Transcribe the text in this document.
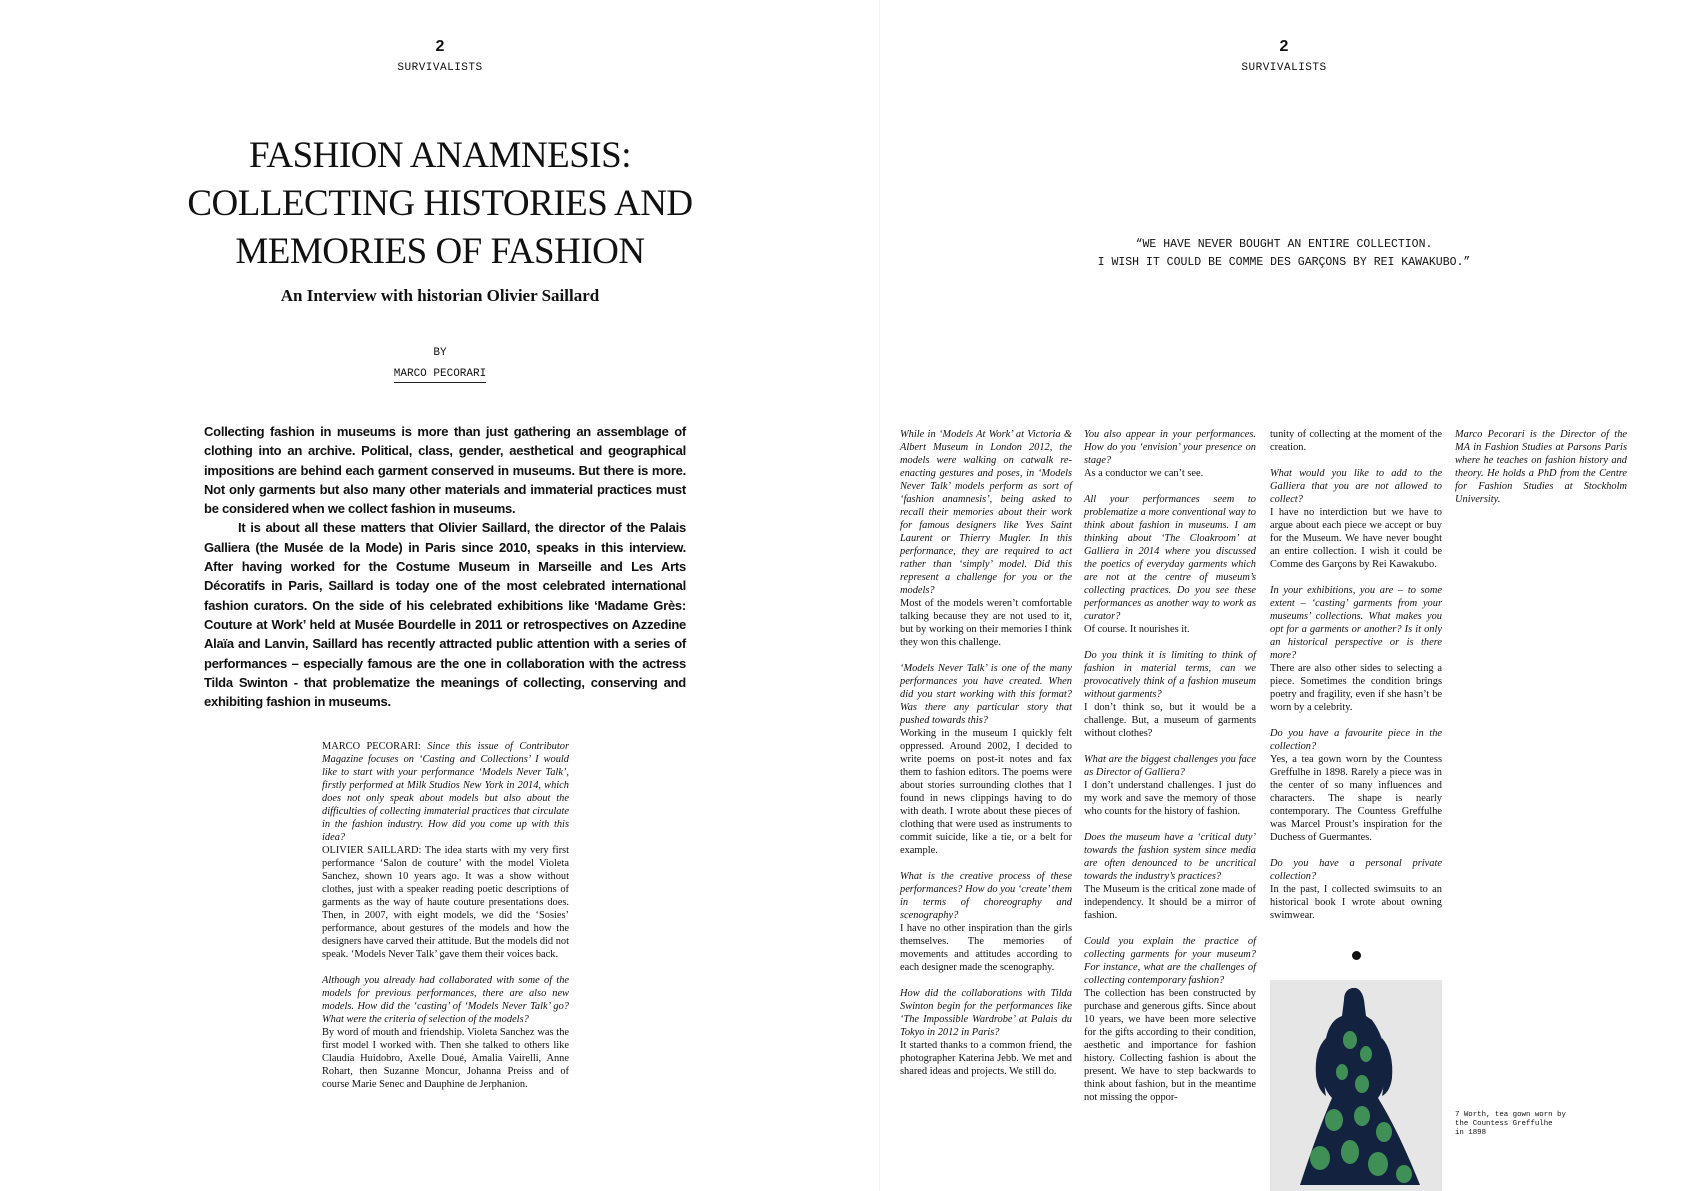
2
SURVIVALISTS
FASHION ANAMNESIS:
COLLECTING HISTORIES AND
MEMORIES OF FASHION
An Interview with historian Olivier Saillard
BY
MARCO PECORARI

Collecting fashion in museums is more than just gathering an assemblage of clothing into an archive. Political, class, gender, aesthetical and geographical impositions are behind each garment conserved in museums. But there is more. Not only garments but also many other materials and immaterial practices must be considered when we collect fashion in museums.

It is about all these matters that Olivier Saillard, the director of the Palais Galliera (the Musée de la Mode) in Paris since 2010, speaks in this interview. After having worked for the Costume Museum in Marseille and Les Arts Décoratifs in Paris, Saillard is today one of the most celebrated international fashion curators. On the side of his celebrated exhibitions like ‘Madame Grès: Couture at Work’ held at Musée Bourdelle in 2011 or retrospectives on Azzedine Alaïa and Lanvin, Saillard has recently attracted public attention with a series of performances – especially famous are the one in collaboration with the actress Tilda Swinton - that problematize the meanings of collecting, conserving and exhibiting fashion in museums.

MARCO PECORARI: Since this issue of Contributor Magazine focuses on ‘Casting and Collections’ I would like to start with your performance ‘Models Never Talk’, firstly performed at Milk Studios New York in 2014, which does not only speak about models but also about the difficulties of collecting immaterial practices that circulate in the fashion industry. How did you come up with this idea?
OLIVIER SAILLARD: The idea starts with my very first performance ‘Salon de couture’ with the model Violeta Sanchez, shown 10 years ago. It was a show without clothes, just with a speaker reading poetic descriptions of garments as the way of haute couture presentations does. Then, in 2007, with eight models, we did the ‘Sosies’ performance, about gestures of the models and how the designers have carved their attitude. But the models did not speak. ‘Models Never Talk’ gave them their voices back.
Although you already had collaborated with some of the models for previous performances, there are also new models. How did the ‘casting’ of ‘Models Never Talk’ go? What were the criteria of selection of the models?
By word of mouth and friendship. Violeta Sanchez was the first model I worked with. Then she talked to others like Claudia Huidobro, Axelle Doué, Amalia Vairelli, Anne Rohart, then Suzanne Moncur, Johanna Preiss and of course Marie Senec and Dauphine de Jerphanion.
2
SURVIVALISTS
“WE HAVE NEVER BOUGHT AN ENTIRE COLLECTION.
I WISH IT COULD BE COMME DES GARÇONS BY REI KAWAKUBO.”
While in ‘Models At Work’ at Victoria & Albert Museum in London 2012, the models were walking on catwalk re-enacting gestures and poses, in ‘Models Never Talk’ models perform as sort of ‘fashion anamnesis’, being asked to recall their memories about their work for famous designers like Yves Saint Laurent or Thierry Mugler. In this performance, they are required to act rather than ‘simply’ model. Did this represent a challenge for you or the models?
Most of the models weren’t comfortable talking because they are not used to it, but by working on their memories I think they won this challenge.
‘Models Never Talk’ is one of the many performances you have created. When did you start working with this format? Was there any particular story that pushed towards this?
Working in the museum I quickly felt oppressed. Around 2002, I decided to write poems on post-it notes and fax them to fashion editors. The poems were about stories surrounding clothes that I found in news clippings having to do with death. I wrote about these pieces of clothing that were used as instruments to commit suicide, like a tie, or a belt for example.
What is the creative process of these performances? How do you ‘create’ them in terms of choreography and scenography?
I have no other inspiration than the girls themselves. The memories of movements and attitudes according to each designer made the scenography.
How did the collaborations with Tilda Swinton begin for the performances like ‘The Impossible Wardrobe’ at Palais du Tokyo in 2012 in Paris?
It started thanks to a common friend, the photographer Katerina Jebb. We met and shared ideas and projects. We still do.
You also appear in your performances. How do you ‘envision’ your presence on stage?
As a conductor we can’t see.
All your performances seem to problematize a more conventional way to think about fashion in museums. I am thinking about ‘The Cloakroom’ at Galliera in 2014 where you discussed the poetics of everyday garments which are not at the centre of museum’s collecting practices. Do you see these performances as another way to work as curator?
Of course. It nourishes it.
Do you think it is limiting to think of fashion in material terms, can we provocatively think of a fashion museum without garments?
I don’t think so, but it would be a challenge. But, a museum of garments without clothes?
What are the biggest challenges you face as Director of Galliera?
I don’t understand challenges. I just do my work and save the memory of those who counts for the history of fashion.
Does the museum have a ‘critical duty’ towards the fashion system since media are often denounced to be uncritical towards the industry’s practices?
The Museum is the critical zone made of independency. It should be a mirror of fashion.
Could you explain the practice of collecting garments for your museum? For instance, what are the challenges of collecting contemporary fashion?
The collection has been constructed by purchase and generous gifts. Since about 10 years, we have been more selective for the gifts according to their condition, aesthetic and importance for fashion history. Collecting fashion is about the present. We have to step backwards to think about fashion, but in the meantime not missing the oppor-
tunity of collecting at the moment of the creation.
What would you like to add to the Galliera that you are not allowed to collect?
I have no interdiction but we have to argue about each piece we accept or buy for the Museum. We have never bought an entire collection. I wish it could be Comme des Garçons by Rei Kawakubo.
In your exhibitions, you are – to some extent – ‘casting’ garments from your museums’ collections. What makes you opt for a garments or another? Is it only an historical perspective or is there more?
There are also other sides to selecting a piece. Sometimes the condition brings poetry and fragility, even if she hasn’t be worn by a celebrity.
Do you have a favourite piece in the collection?
Yes, a tea gown worn by the Countess Greffulhe in 1898. Rarely a piece was in the center of so many influences and characters. The shape is nearly contemporary. The Countess Greffulhe was Marcel Proust’s inspiration for the Duchess of Guermantes.
Do you have a personal private collection?
In the past, I collected swimsuits to an historical book I wrote about owning swimwear.
Marco Pecorari is the Director of the MA in Fashion Studies at Parsons Paris where he teaches on fashion history and theory. He holds a PhD from the Centre for Fashion Studies at Stockholm University.
7 Worth, tea gown worn by
the Countess Greffulhe
in 1898
